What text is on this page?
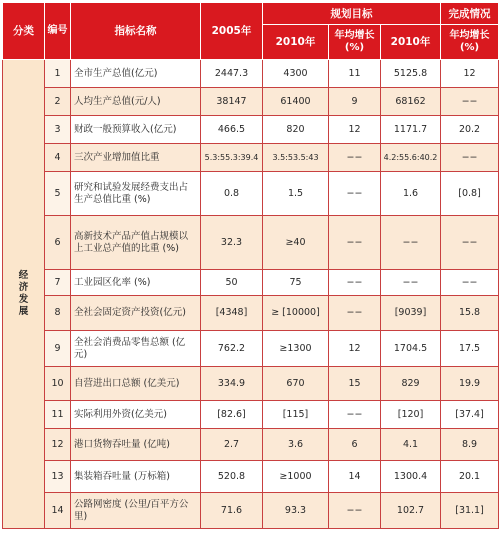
分类	编号	指标名称	2005年	规划目标			完成情况
				2010年	年均增长(%)	2010年	年均增长(%)

经
济
发
展	1	全市生产总值(亿元)	2447.3	4300	11	5125.8	12
	2	人均生产总值(元/人)	38147	61400	9	68162	−−
	3	财政一般预算收入(亿元)	466.5	820	12	1171.7	20.2
	4	三次产业增加值比重	5.3:55.3:39.4	3.5:53.5:43	−−	4.2:55.6:40.2	−−
	5	研究和试验发展经费支出占生产总值比重 (%)	0.8	1.5	−−	1.6	[0.8]
	6	高新技术产品产值占规模以上工业总产值的比重 (%)	32.3	≥40	−−	−−	−−
	7	工业园区化率 (%)	50	75	−−	−−	−−
	8	全社会固定资产投资(亿元)	[4348]	≥ [10000]	−−	[9039]	15.8
	9	全社会消费品零售总额 (亿元)	762.2	≥1300	12	1704.5	17.5
	10	自营进出口总额 (亿美元)	334.9	670	15	829	19.9
	11	实际利用外资(亿美元)	[82.6]	[115]	−−	[120]	[37.4]
	12	港口货物吞吐量 (亿吨)	2.7	3.6	6	4.1	8.9
	13	集装箱吞吐量 (万标箱)	520.8	≥1000	14	1300.4	20.1
	14	公路网密度 (公里/百平方公里)	71.6	93.3	−−	102.7	[31.1]
